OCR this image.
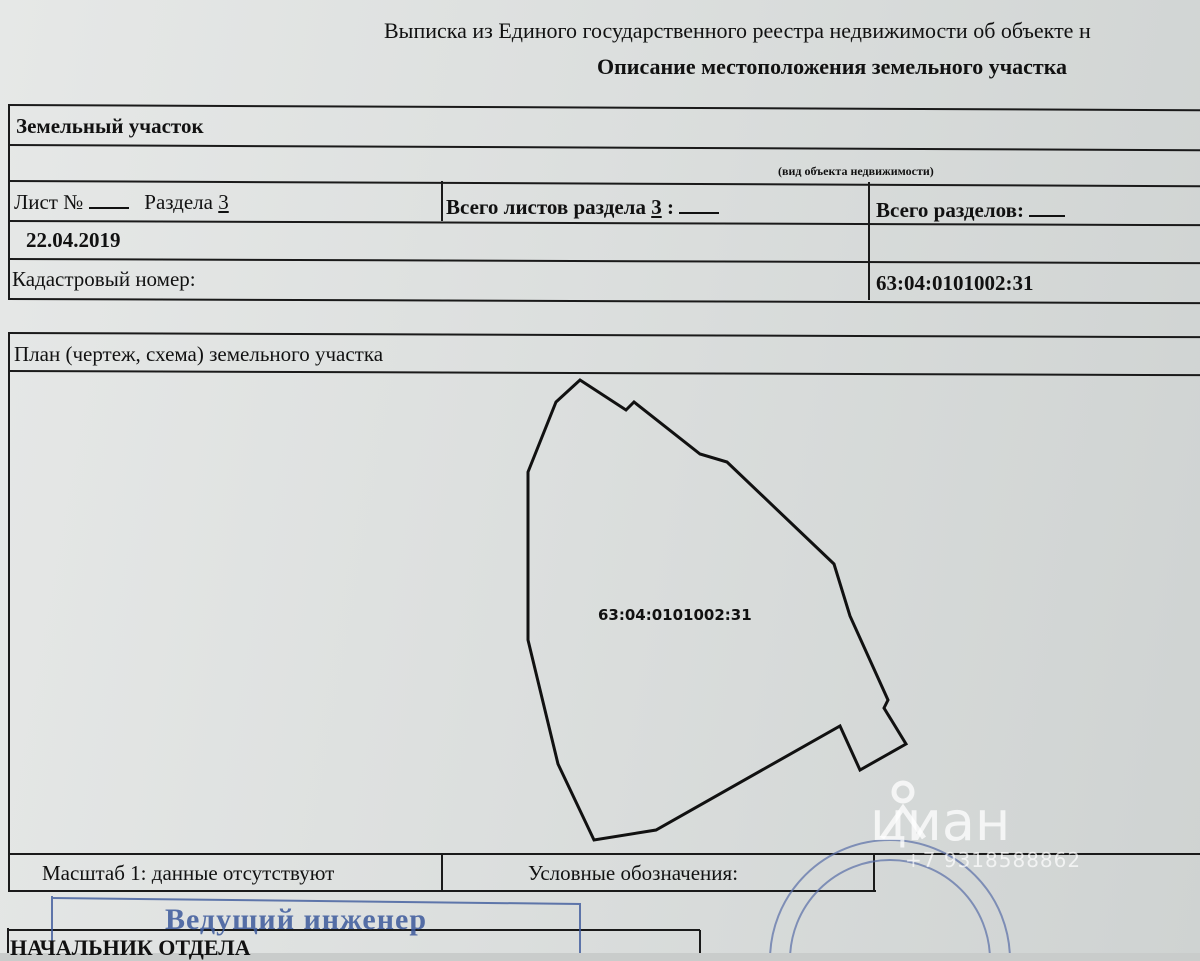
Выписка из Единого государственного реестра недвижимости об объекте н
Описание местоположения земельного участка
Земельный участок
(вид объекта недвижимости)
Лист №	Раздела 3	Всего листов раздела 3 :	Всего разделов:
22.04.2019
Кадастровый номер:	63:04:0101002:31
План (чертеж, схема) земельного участка
63:04:0101002:31
Масштаб 1: данные отсутствуют	Условные обозначения:
Ведущий инженер
НАЧАЛЬНИК ОТДЕЛА
циан
+7 9318588862
